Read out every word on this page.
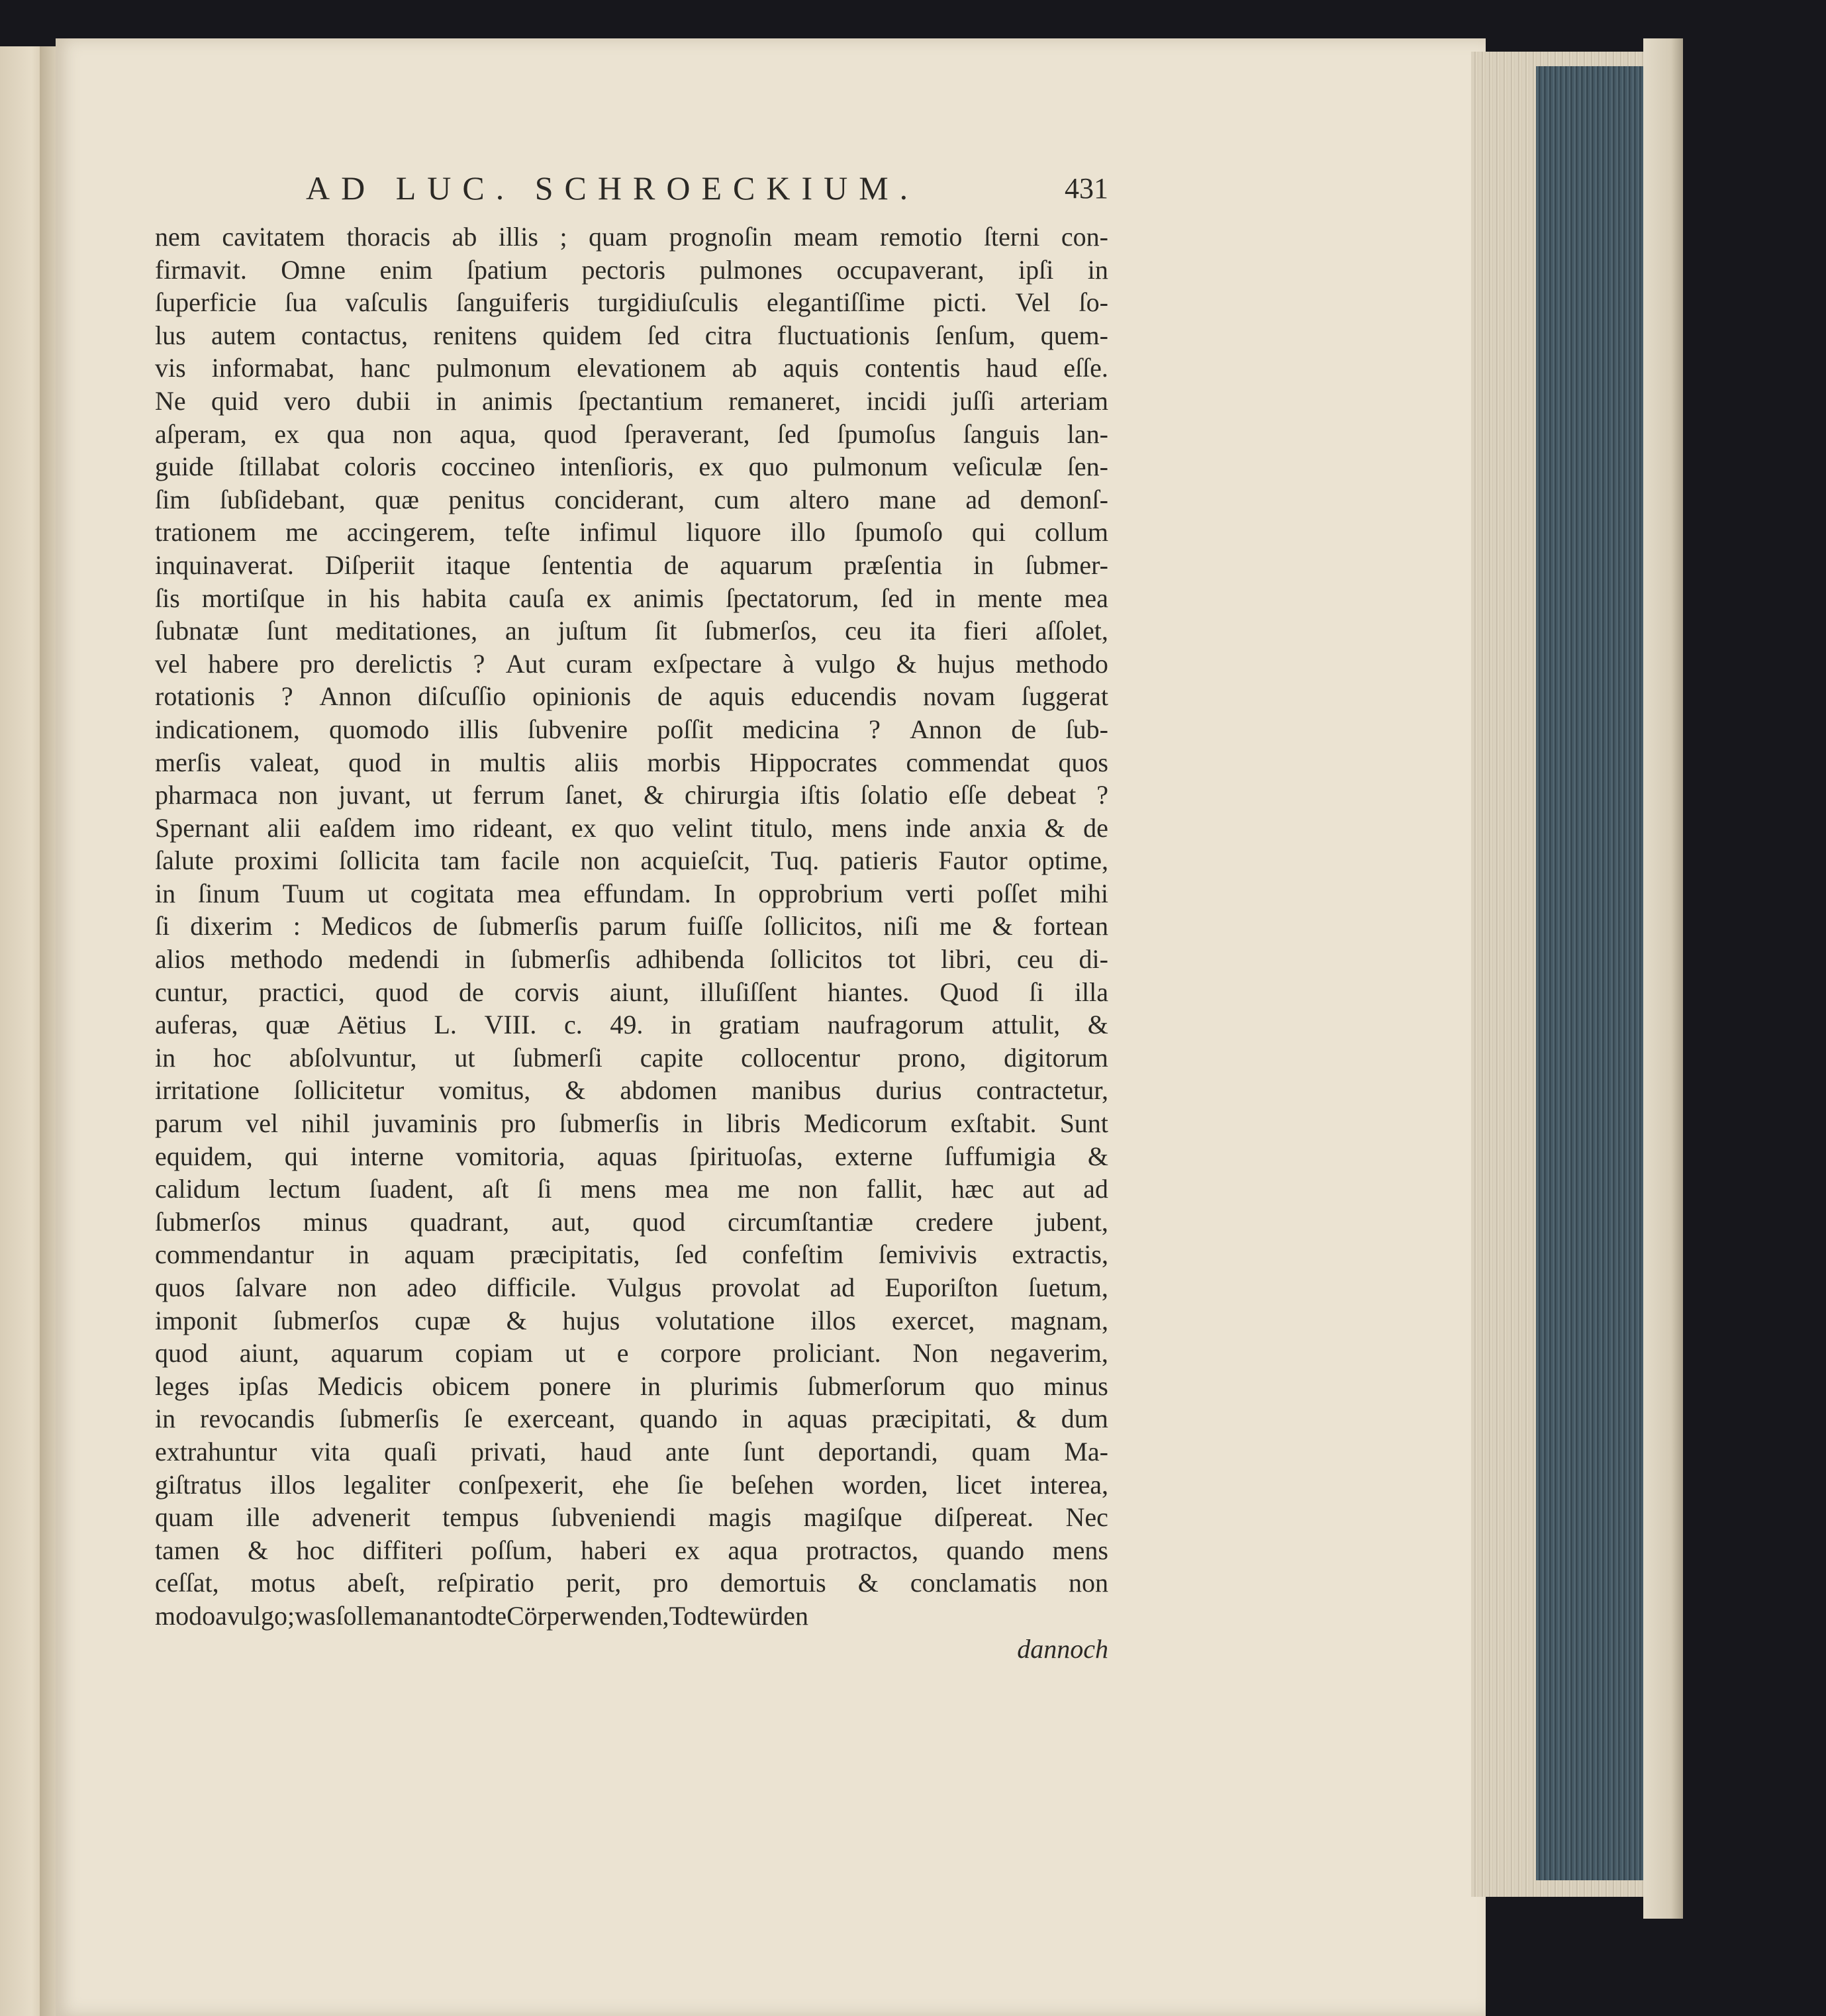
AD LUC. SCHROECKIUM.	431
nem cavitatem thoracis ab illis ; quam prognoſin meam remotio ſterni con-
firmavit. Omne enim ſpatium pectoris pulmones occupaverant, ipſi in
ſuperficie ſua vaſculis ſanguiferis turgidiuſculis elegantiſſime picti. Vel ſo-
lus autem contactus, renitens quidem ſed citra fluctuationis ſenſum, quem-
vis informabat, hanc pulmonum elevationem ab aquis contentis haud eſſe.
Ne quid vero dubii in animis ſpectantium remaneret, incidi juſſi arteriam
aſperam, ex qua non aqua, quod ſperaverant, ſed ſpumoſus ſanguis lan-
guide ſtillabat coloris coccineo intenſioris, ex quo pulmonum veſiculæ ſen-
ſim ſubſidebant, quæ penitus conciderant, cum altero mane ad demonſ-
trationem me accingerem, teſte infimul liquore illo ſpumoſo qui collum
inquinaverat. Diſperiit itaque ſententia de aquarum præſentia in ſubmer-
ſis mortiſque in his habita cauſa ex animis ſpectatorum, ſed in mente mea
ſubnatæ ſunt meditationes, an juſtum ſit ſubmerſos, ceu ita fieri aſſolet,
vel habere pro derelictis ? Aut curam exſpectare à vulgo & hujus methodo
rotationis ? Annon diſcuſſio opinionis de aquis educendis novam ſuggerat
indicationem, quomodo illis ſubvenire poſſit medicina ? Annon de ſub-
merſis valeat, quod in multis aliis morbis Hippocrates commendat quos
pharmaca non juvant, ut ferrum ſanet, & chirurgia iſtis ſolatio eſſe debeat ?
Spernant alii eaſdem imo rideant, ex quo velint titulo, mens inde anxia & de
ſalute proximi ſollicita tam facile non acquieſcit, Tuq. patieris Fautor optime,
in ſinum Tuum ut cogitata mea effundam. In opprobrium verti poſſet mihi
ſi dixerim : Medicos de ſubmerſis parum fuiſſe ſollicitos, niſi me & fortean
alios methodo medendi in ſubmerſis adhibenda ſollicitos tot libri, ceu di-
cuntur, practici, quod de corvis aiunt, illuſiſſent hiantes. Quod ſi illa
auferas, quæ Aëtius L. VIII. c. 49. in gratiam naufragorum attulit, &
in hoc abſolvuntur, ut ſubmerſi capite collocentur prono, digitorum
irritatione ſollicitetur vomitus, & abdomen manibus durius contractetur,
parum vel nihil juvaminis pro ſubmerſis in libris Medicorum exſtabit. Sunt
equidem, qui interne vomitoria, aquas ſpirituoſas, externe ſuffumigia &
calidum lectum ſuadent, aſt ſi mens mea me non fallit, hæc aut ad
ſubmerſos minus quadrant, aut, quod circumſtantiæ credere jubent,
commendantur in aquam præcipitatis, ſed confeſtim ſemivivis extractis,
quos ſalvare non adeo difficile. Vulgus provolat ad Euporiſton ſuetum,
imponit ſubmerſos cupæ & hujus volutatione illos exercet, magnam,
quod aiunt, aquarum copiam ut e corpore proliciant. Non negaverim,
leges ipſas Medicis obicem ponere in plurimis ſubmerſorum quo minus
in revocandis ſubmerſis ſe exerceant, quando in aquas præcipitati, & dum
extrahuntur vita quaſi privati, haud ante ſunt deportandi, quam Ma-
giſtratus illos legaliter conſpexerit, ehe ſie beſehen worden, licet interea,
quam ille advenerit tempus ſubveniendi magis magiſque diſpereat. Nec
tamen & hoc diffiteri poſſum, haberi ex aqua protractos, quando mens
ceſſat, motus abeſt, reſpiratio perit, pro demortuis & conclamatis non
modo a vulgo ; was ſolle man an todte Cörper wenden, Todte würden
dannoch
